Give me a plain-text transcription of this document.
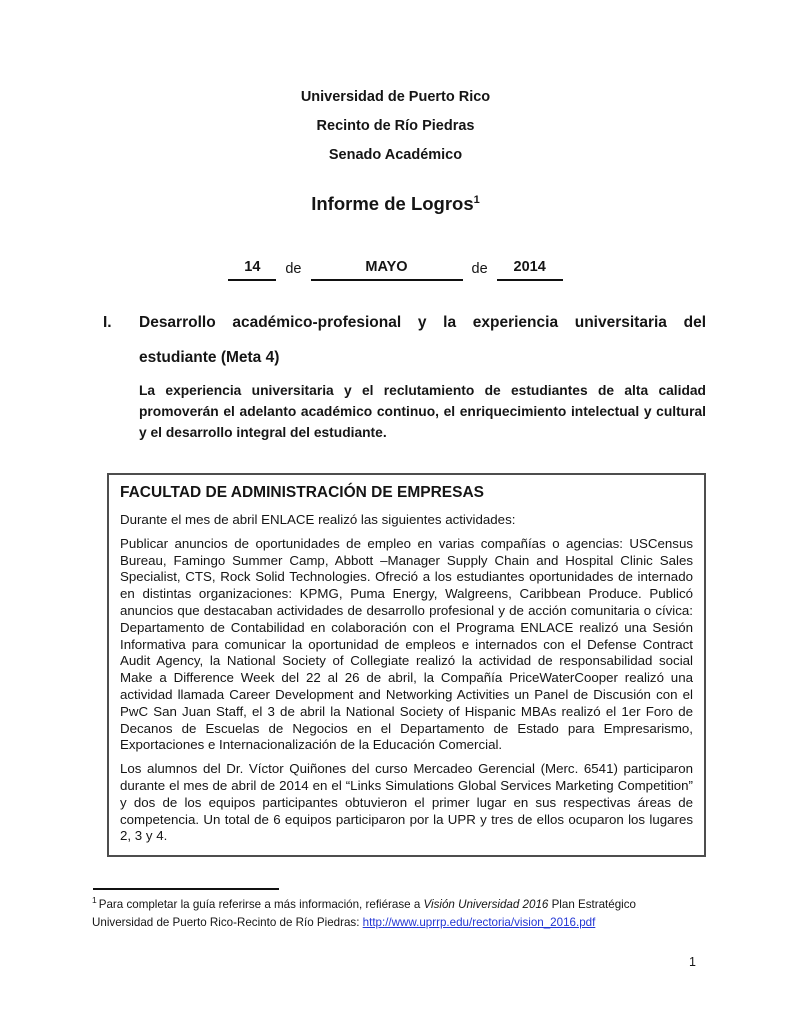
Universidad de Puerto Rico
Recinto de Río Piedras
Senado Académico
Informe de Logros$^1$
14 de	MAYO	de 2014
I. Desarrollo académico-profesional y la experiencia universitaria del estudiante (Meta 4)
La experiencia universitaria y el reclutamiento de estudiantes de alta calidad promoverán el adelanto académico continuo, el enriquecimiento intelectual y cultural y el desarrollo integral del estudiante.
FACULTAD DE ADMINISTRACIÓN DE EMPRESAS

Durante el mes de abril ENLACE realizó las siguientes actividades:

Publicar anuncios de oportunidades de empleo en varias compañías o agencias: USCensus Bureau, Famingo Summer Camp, Abbott –Manager Supply Chain and Hospital Clinic Sales Specialist, CTS, Rock Solid Technologies. Ofreció a los estudiantes oportunidades de internado en distintas organizaciones: KPMG, Puma Energy, Walgreens, Caribbean Produce. Publicó anuncios que destacaban actividades de desarrollo profesional y de acción comunitaria o cívica: Departamento de Contabilidad en colaboración con el Programa ENLACE realizó una Sesión Informativa para comunicar la oportunidad de empleos e internados con el Defense Contract Audit Agency, la National Society of Collegiate realizó la actividad de responsabilidad social Make a Difference Week del 22 al 26 de abril, la Compañía PriceWaterCooper realizó una actividad llamada Career Development and Networking Activities un Panel de Discusión con el PwC San Juan Staff, el 3 de abril la National Society of Hispanic MBAs realizó el 1er Foro de Decanos de Escuelas de Negocios en el Departamento de Estado para Empresarismo, Exportaciones e Internacionalización de la Educación Comercial.

Los alumnos del Dr. Víctor Quiñones del curso Mercadeo Gerencial (Merc. 6541) participaron durante el mes de abril de 2014 en el “Links Simulations Global Services Marketing Competition” y dos de los equipos participantes obtuvieron el primer lugar en sus respectivas áreas de competencia. Un total de 6 equipos participaron por la UPR y tres de ellos ocuparon los lugares 2, 3 y 4.

$^1$ Para completar la guía referirse a más información, refiérase a Visión Universidad 2016 Plan Estratégico Universidad de Puerto Rico-Recinto de Río Piedras: http://www.uprrp.edu/rectoria/vision_2016.pdf
1
